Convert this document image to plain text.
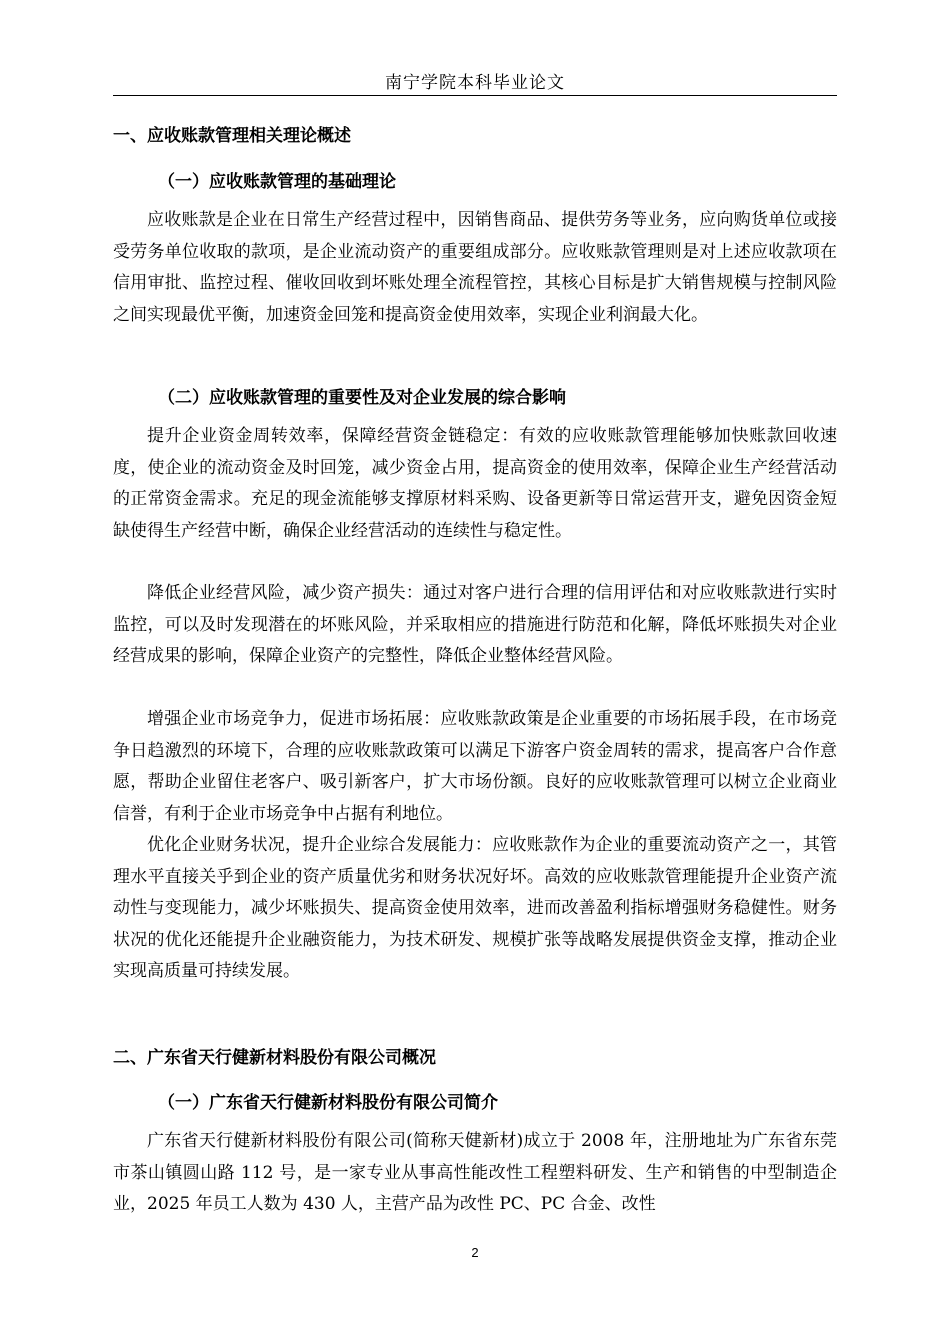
南宁学院本科毕业论文
一、应收账款管理相关理论概述
（一）应收账款管理的基础理论
应收账款是企业在日常生产经营过程中，因销售商品、提供劳务等业务，应向购货单位或接受劳务单位收取的款项，是企业流动资产的重要组成部分。应收账款管理则是对上述应收款项在信用审批、监控过程、催收回收到坏账处理全流程管控，其核心目标是扩大销售规模与控制风险之间实现最优平衡，加速资金回笼和提高资金使用效率，实现企业利润最大化。
（二）应收账款管理的重要性及对企业发展的综合影响
提升企业资金周转效率，保障经营资金链稳定：有效的应收账款管理能够加快账款回收速度，使企业的流动资金及时回笼，减少资金占用，提高资金的使用效率，保障企业生产经营活动的正常资金需求。充足的现金流能够支撑原材料采购、设备更新等日常运营开支，避免因资金短缺使得生产经营中断，确保企业经营活动的连续性与稳定性。
降低企业经营风险，减少资产损失：通过对客户进行合理的信用评估和对应收账款进行实时监控，可以及时发现潜在的坏账风险，并采取相应的措施进行防范和化解，降低坏账损失对企业经营成果的影响，保障企业资产的完整性，降低企业整体经营风险。
增强企业市场竞争力，促进市场拓展：应收账款政策是企业重要的市场拓展手段，在市场竞争日趋激烈的环境下，合理的应收账款政策可以满足下游客户资金周转的需求，提高客户合作意愿，帮助企业留住老客户、吸引新客户，扩大市场份额。良好的应收账款管理可以树立企业商业信誉，有利于企业市场竞争中占据有利地位。
优化企业财务状况，提升企业综合发展能力：应收账款作为企业的重要流动资产之一，其管理水平直接关乎到企业的资产质量优劣和财务状况好坏。高效的应收账款管理能提升企业资产流动性与变现能力，减少坏账损失、提高资金使用效率，进而改善盈利指标增强财务稳健性。财务状况的优化还能提升企业融资能力，为技术研发、规模扩张等战略发展提供资金支撑，推动企业实现高质量可持续发展。
二、广东省天行健新材料股份有限公司概况
（一）广东省天行健新材料股份有限公司简介
广东省天行健新材料股份有限公司(简称天健新材)成立于 2008 年，注册地址为广东省东莞市茶山镇圆山路 112 号，是一家专业从事高性能改性工程塑料研发、生产和销售的中型制造企业，2025 年员工人数为 430 人，主营产品为改性 PC、PC 合金、改性
2
